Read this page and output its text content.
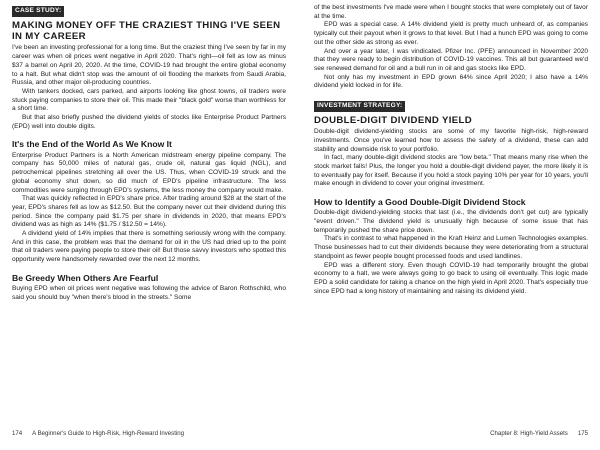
CASE STUDY:
MAKING MONEY OFF THE CRAZIEST THING I'VE SEEN IN MY CAREER

I've been an investing professional for a long time. But the craziest thing I've seen by far in my career was when oil prices went negative in April 2020. That's right—oil fell as low as minus $37 a barrel on April 20, 2020. At the time, COVID-19 had brought the entire global economy to a halt. But what didn't stop was the amount of oil flooding the markets from Saudi Arabia, Russia, and other major oil-producing countries.

With tankers docked, cars parked, and airports looking like ghost towns, oil traders were stuck paying companies to store their oil. This made their "black gold" worse than worthless for a short time.

But that also briefly pushed the dividend yields of stocks like Enterprise Product Partners (EPD) well into double digits.

It's the End of the World As We Know It

Enterprise Product Partners is a North American midstream energy pipeline company. The company has 50,000 miles of natural gas, crude oil, natural gas liquid (NGL), and petrochemical pipelines stretching all over the US. Thus, when COVID-19 struck and the global economy shut down, so did much of EPD's pipeline infrastructure. The less commodities were surging through EPD's systems, the less money the company would make.

That was quickly reflected in EPD's share price. After trading around $28 at the start of the year, EPD's shares fell as low as $12.50. But the company never cut their dividend during this period. Since the company paid $1.75 per share in dividends in 2020, that means EPD's dividend was as high as 14% ($1.75 / $12.50 = 14%).

A dividend yield of 14% implies that there is something seriously wrong with the company. And in this case, the problem was that the demand for oil in the US had dried up to the point that oil traders were paying people to store their oil! But those savvy investors who spotted this opportunity were handsomely rewarded over the next 12 months.

Be Greedy When Others Are Fearful

Buying EPD when oil prices went negative was following the advice of Baron Rothschild, who said you should buy "when there's blood in the streets." Some

174 A Beginner's Guide to High-Risk, High-Reward Investing

of the best investments I've made were when I bought stocks that were completely out of favor at the time.

EPD was a special case. A 14% dividend yield is pretty much unheard of, as companies typically cut their payout when it grows to that level. But I had a hunch EPD was going to come out the other side as strong as ever.

And over a year later, I was vindicated. Pfizer Inc. (PFE) announced in November 2020 that they were ready to begin distribution of COVID-19 vaccines. This all but guaranteed we'd see renewed demand for oil and a bull run in oil and gas stocks like EPD.

Not only has my investment in EPD grown 64% since April 2020; I also have a 14% dividend yield locked in for life.

INVESTMENT STRATEGY:
DOUBLE-DIGIT DIVIDEND YIELD

Double-digit dividend-yielding stocks are some of my favorite high-risk, high-reward investments. Once you've learned how to assess the safety of a dividend, these can add stability and downside risk to your portfolio.

In fact, many double-digit dividend stocks are "low beta." That means many rise when the stock market falls! Plus, the longer you hold a double-digit dividend payer, the more likely it is to eventually pay for itself. Because if you hold a stock paying 10% per year for 10 years, you'll make enough in dividend to cover your original investment.

How to Identify a Good Double-Digit Dividend Stock

Double-digit dividend-yielding stocks that last (i.e., the dividends don't get cut) are typically "event driven." The dividend yield is unusually high because of some issue that has temporarily pushed the share price down.

That's in contrast to what happened in the Kraft Heinz and Lumen Technologies examples. Those businesses had to cut their dividends because they were deteriorating from a structural standpoint as fewer people bought processed foods and used landlines.

EPD was a different story. Even though COVID-19 had temporarily brought the global economy to a halt, we were always going to go back to using oil eventually. This logic made EPD a solid candidate for taking a chance on the high yield in April 2020. That's especially true since EPD had a long history of maintaining and raising its dividend yield.

Chapter 8: High-Yield Assets 175
